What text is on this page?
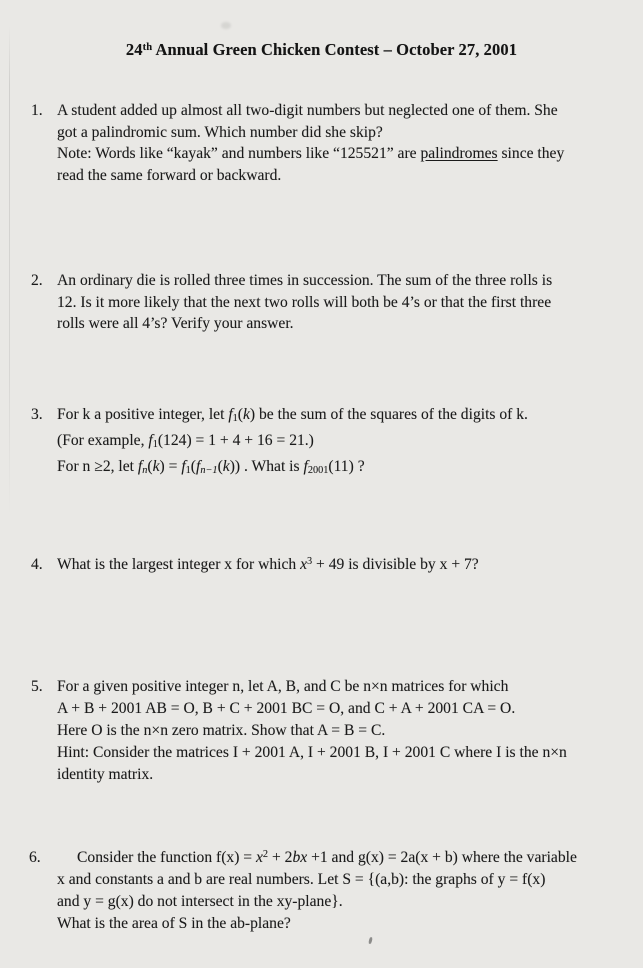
24th Annual Green Chicken Contest – October 27, 2001
1. A student added up almost all two-digit numbers but neglected one of them. She
got a palindromic sum. Which number did she skip?
Note: Words like “kayak” and numbers like “125521” are palindromes since they
read the same forward or backward.
2. An ordinary die is rolled three times in succession. The sum of the three rolls is
12. Is it more likely that the next two rolls will both be 4’s or that the first three
rolls were all 4’s? Verify your answer.
3. For k a positive integer, let $f_1(k)$ be the sum of the squares of the digits of k.
(For example, $f_1(124) = 1 + 4 + 16 = 21$.)
For n ≥2, let $f_n(k) = f_1(f_{n-1}(k))$ . What is $f_{2001}(11)$ ?
4. What is the largest integer x for which $x^3 + 49$ is divisible by x + 7?
5. For a given positive integer n, let A, B, and C be n×n matrices for which
A + B + 2001 AB = O, B + C + 2001 BC = O, and C + A + 2001 CA = O.
Here O is the n×n zero matrix. Show that A = B = C.
Hint: Consider the matrices I + 2001 A, I + 2001 B, I + 2001 C where I is the n×n
identity matrix.
6.	Consider the function $f(x) = x^2 + 2bx +1$ and g(x) = 2a(x + b) where the variable
x and constants a and b are real numbers. Let S = {(a,b): the graphs of y = f(x)
and y = g(x) do not intersect in the xy-plane}.
What is the area of S in the ab-plane?
